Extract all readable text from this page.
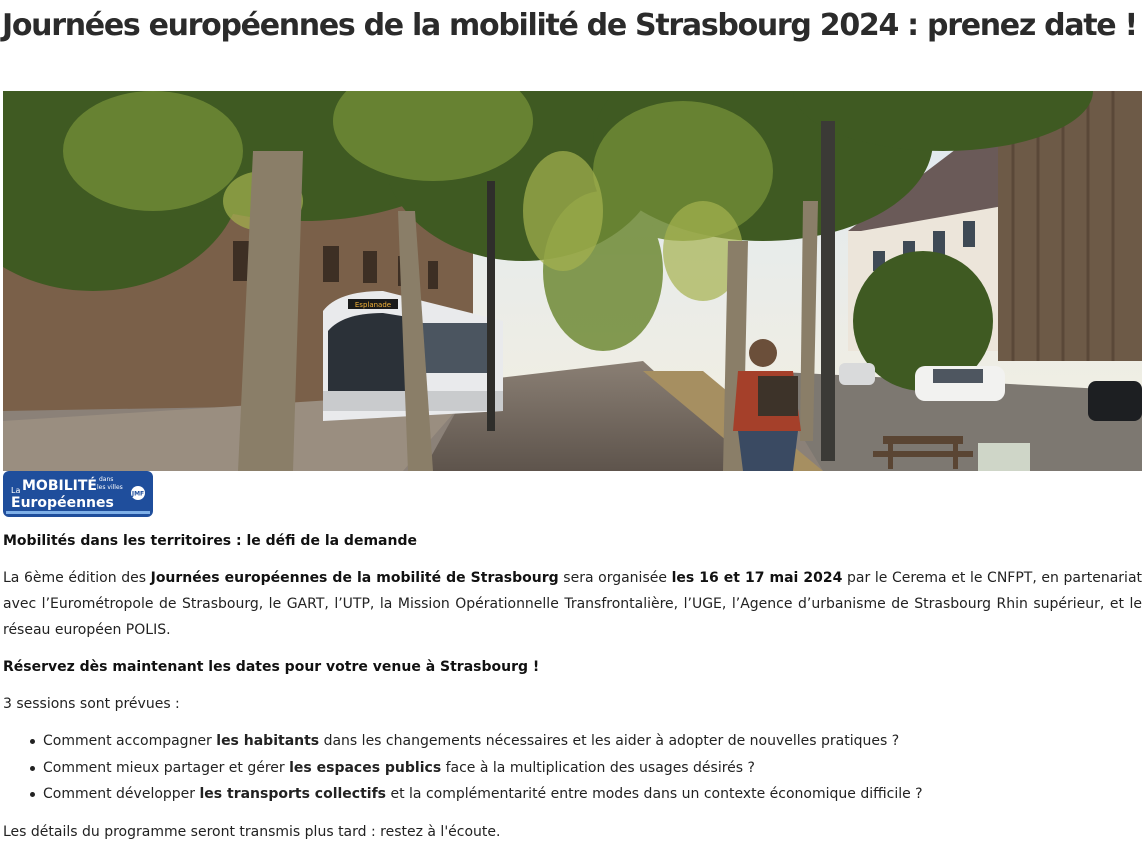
Journées européennes de la mobilité de Strasbourg 2024 : prenez date !
Esplanade
La MOBILITÉ dans
les villes
Européennes
JMF

Mobilités dans les territoires : le défi de la demande

La 6ème édition des Journées européennes de la mobilité de Strasbourg sera organisée les 16 et 17 mai 2024 par le Cerema et le CNFPT, en partenariat avec l’Eurométropole de Strasbourg, le GART, l’UTP, la Mission Opérationnelle Transfrontalière, l’UGE, l’Agence d’urbanisme de Strasbourg Rhin supérieur, et le réseau européen POLIS.

Réservez dès maintenant les dates pour votre venue à Strasbourg !

3 sessions sont prévues :

Comment accompagner les habitants dans les changements nécessaires et les aider à adopter de nouvelles pratiques ?
Comment mieux partager et gérer les espaces publics face à la multiplication des usages désirés ?
Comment développer les transports collectifs et la complémentarité entre modes dans un contexte économique difficile ?

Les détails du programme seront transmis plus tard : restez à l'écoute.
